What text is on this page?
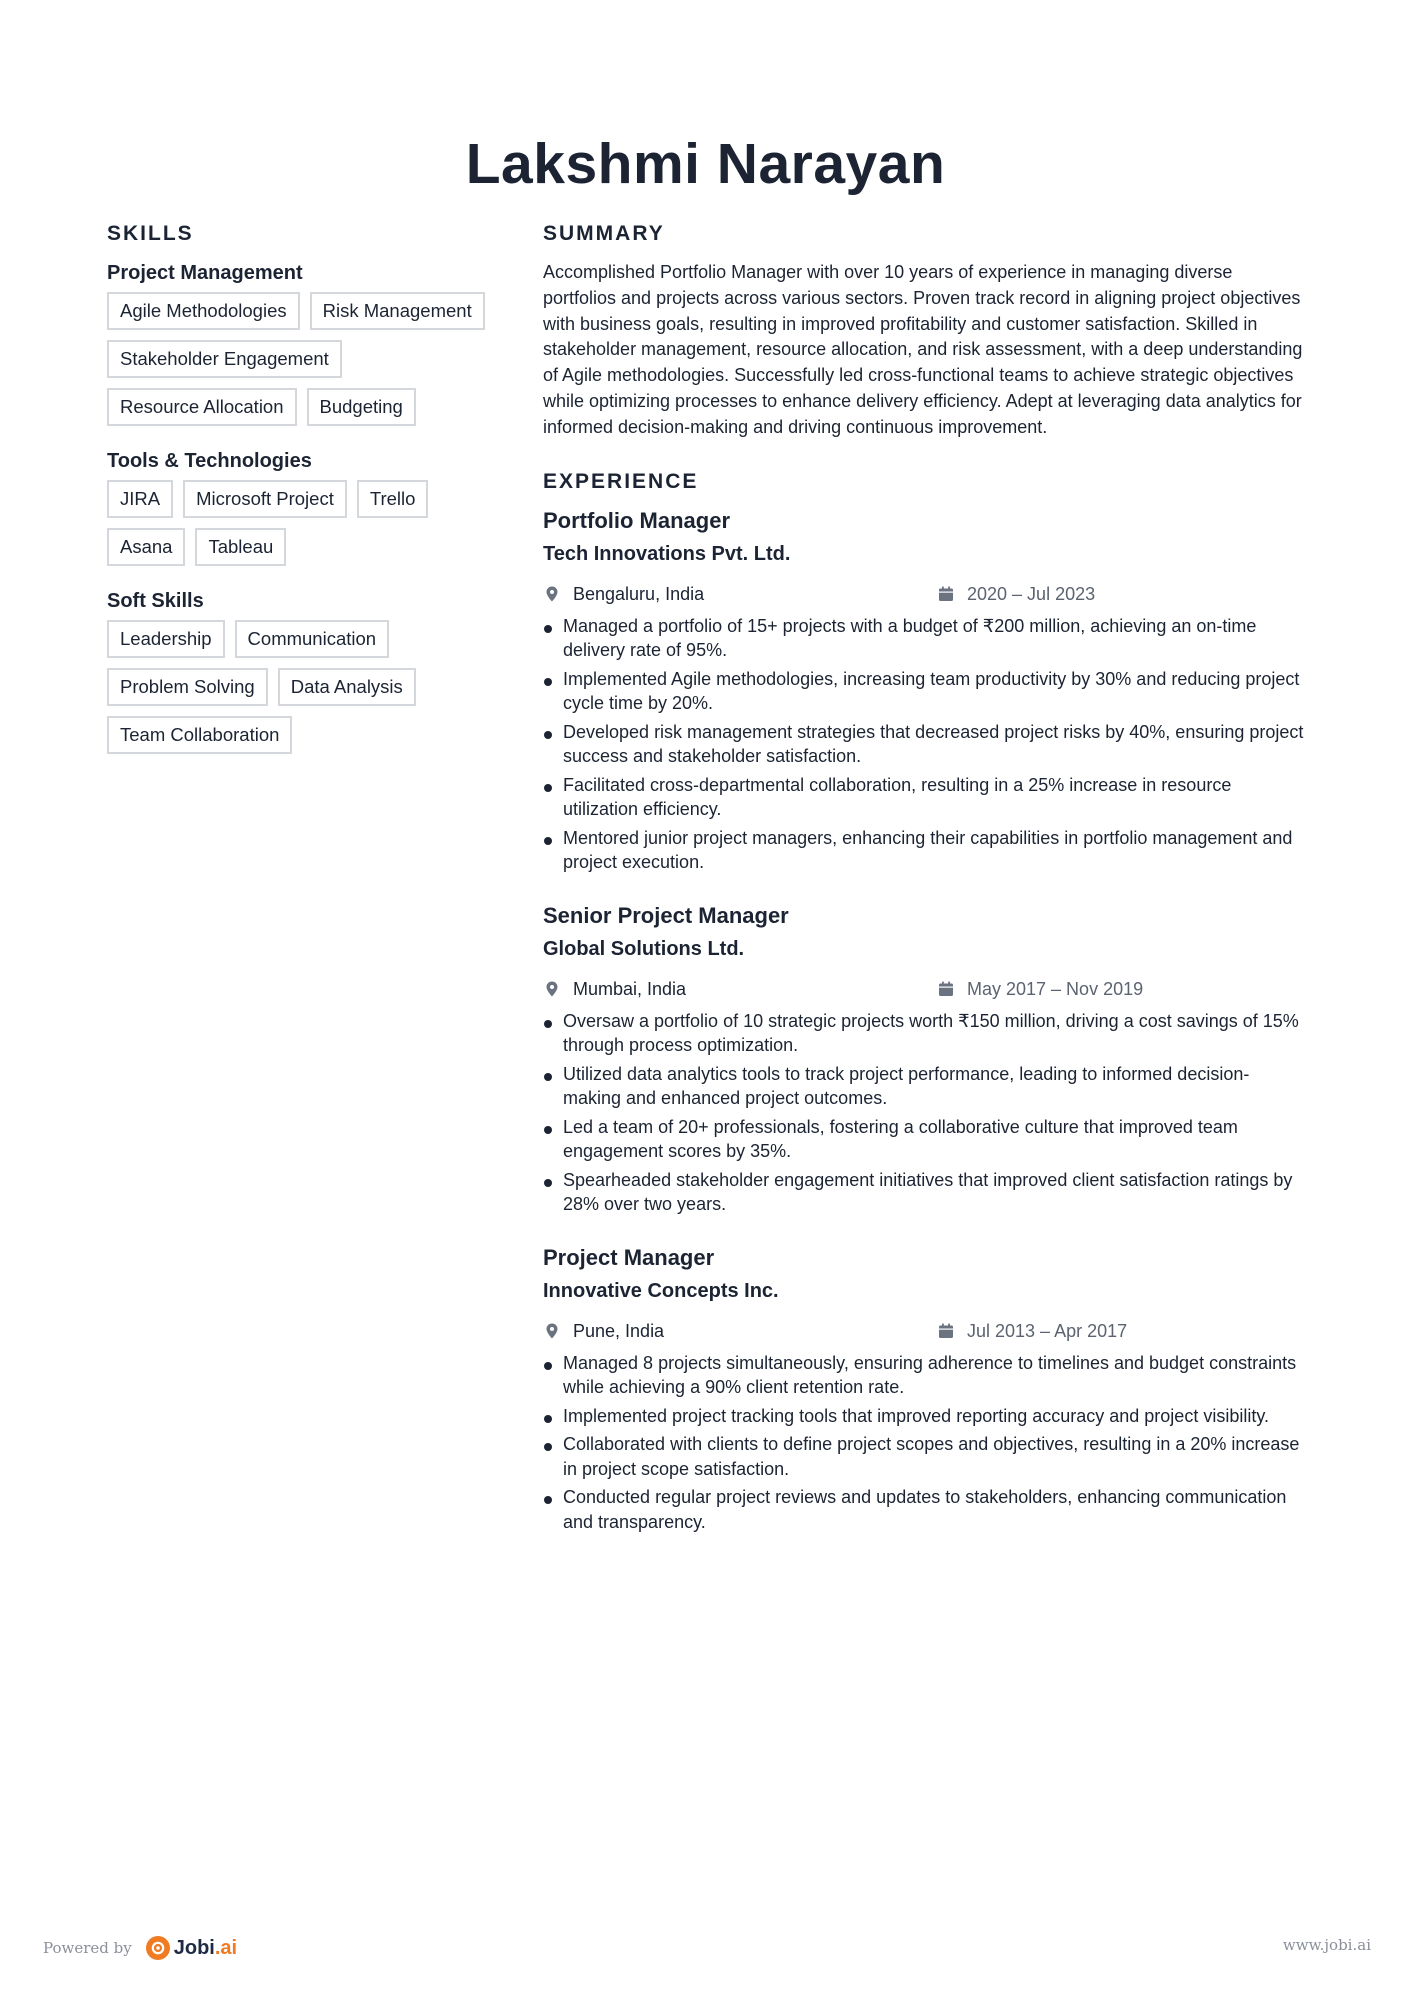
Lakshmi Narayan
SKILLS
Project Management
Agile Methodologies	Risk Management
Stakeholder Engagement
Resource Allocation	Budgeting
Tools & Technologies
JIRA	Microsoft Project	Trello
Asana	Tableau
Soft Skills
Leadership	Communication
Problem Solving	Data Analysis
Team Collaboration
SUMMARY

Accomplished Portfolio Manager with over 10 years of experience in managing diverse portfolios and projects across various sectors. Proven track record in aligning project objectives with business goals, resulting in improved profitability and customer satisfaction. Skilled in stakeholder management, resource allocation, and risk assessment, with a deep understanding of Agile methodologies. Successfully led cross-functional teams to achieve strategic objectives while optimizing processes to enhance delivery efficiency. Adept at leveraging data analytics for informed decision-making and driving continuous improvement.

EXPERIENCE
Portfolio Manager
Tech Innovations Pvt. Ltd.
Bengaluru, India	2020 – Jul 2023
Managed a portfolio of 15+ projects with a budget of ₹200 million, achieving an on-time delivery rate of 95%.
Implemented Agile methodologies, increasing team productivity by 30% and reducing project cycle time by 20%.
Developed risk management strategies that decreased project risks by 40%, ensuring project success and stakeholder satisfaction.
Facilitated cross-departmental collaboration, resulting in a 25% increase in resource utilization efficiency.
Mentored junior project managers, enhancing their capabilities in portfolio management and project execution.
Senior Project Manager
Global Solutions Ltd.
Mumbai, India	May 2017 – Nov 2019
Oversaw a portfolio of 10 strategic projects worth ₹150 million, driving a cost savings of 15% through process optimization.
Utilized data analytics tools to track project performance, leading to informed decision-making and enhanced project outcomes.
Led a team of 20+ professionals, fostering a collaborative culture that improved team engagement scores by 35%.
Spearheaded stakeholder engagement initiatives that improved client satisfaction ratings by 28% over two years.
Project Manager
Innovative Concepts Inc.
Pune, India	Jul 2013 – Apr 2017
Managed 8 projects simultaneously, ensuring adherence to timelines and budget constraints while achieving a 90% client retention rate.
Implemented project tracking tools that improved reporting accuracy and project visibility.
Collaborated with clients to define project scopes and objectives, resulting in a 20% increase in project scope satisfaction.
Conducted regular project reviews and updates to stakeholders, enhancing communication and transparency.
Powered by Jobi.ai	www.jobi.ai
